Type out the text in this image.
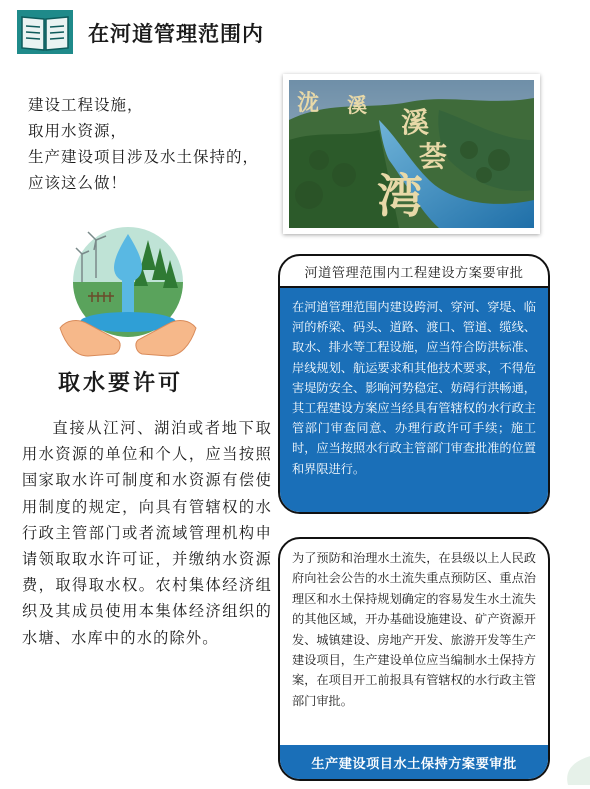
在河道管理范围内
建设工程设施，
取用水资源，
生产建设项目涉及水土保持的，
应该这么做！
取水要许可
直接从江河、湖泊或者地下取用水资源的单位和个人，应当按照国家取水许可制度和水资源有偿使用制度的规定，向具有管辖权的水行政主管部门或者流域管理机构申请领取取水许可证，并缴纳水资源费，取得取水权。农村集体经济组织及其成员使用本集体经济组织的水塘、水库中的水的除外。
泷 溪
溪
荟
湾
河道管理范围内工程建设方案要审批
在河道管理范围内建设跨河、穿河、穿堤、临河的桥梁、码头、道路、渡口、管道、缆线、取水、排水等工程设施，应当符合防洪标准、岸线规划、航运要求和其他技术要求，不得危害堤防安全、影响河势稳定、妨碍行洪畅通，其工程建设方案应当经具有管辖权的水行政主管部门审查同意、办理行政许可手续；施工时，应当按照水行政主管部门审查批准的位置和界限进行。
为了预防和治理水土流失，在县级以上人民政府向社会公告的水土流失重点预防区、重点治理区和水土保持规划确定的容易发生水土流失的其他区域，开办基础设施建设、矿产资源开发、城镇建设、房地产开发、旅游开发等生产建设项目，生产建设单位应当编制水土保持方案，在项目开工前报具有管辖权的水行政主管部门审批。
生产建设项目水土保持方案要审批
